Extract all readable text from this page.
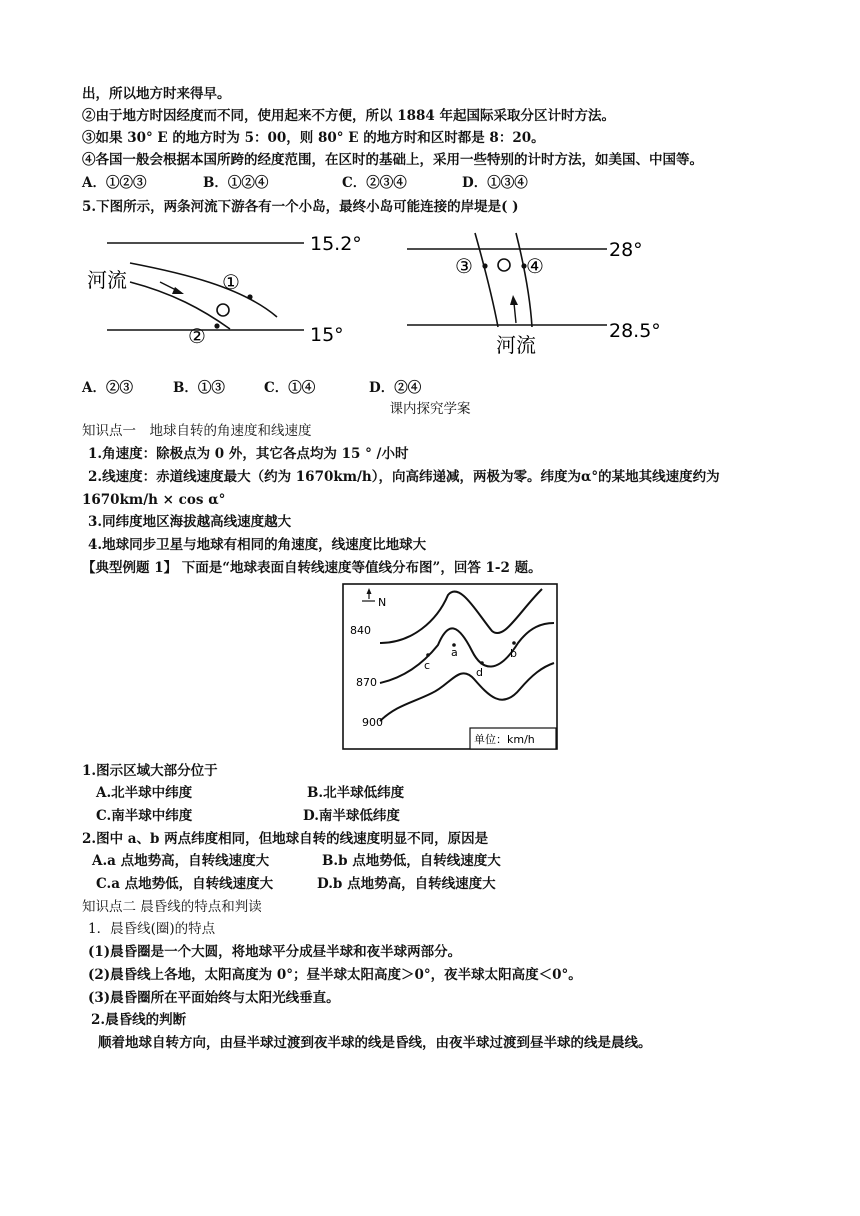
出，所以地方时来得早。
②由于地方时因经度而不同，使用起来不方便，所以 1884 年起国际采取分区计时方法。
③如果 30° E 的地方时为 5：00，则 80° E 的地方时和区时都是 8：20。
④各国一般会根据本国所跨的经度范围，在区时的基础上，采用一些特别的计时方法，如美国、中国等。
A．①②③	B．①②④	C．②③④	D．①③④
5.下图所示，两条河流下游各有一个小岛，最终小岛可能连接的岸堤是( )
15.2°
15°
河流	①
②
28°
28.5°
③	④
河流
A．②③	B．①③	C．①④	D．②④
课内探究学案
知识点一　地球自转的角速度和线速度
1.角速度：除极点为 0 外，其它各点均为 15 ° /小时
2.线速度：赤道线速度最大（约为 1670km/h），向高纬递减，两极为零。纬度为α°的某地其线速度约为
1670km/h × cos α°
3.同纬度地区海拔越高线速度越大
4.地球同步卫星与地球有相同的角速度，线速度比地球大
【典型例题 1】 下面是“地球表面自转线速度等值线分布图”，回答 1-2 题。
N
840
870
900
a	b
c
d
单位：km/h
1.图示区域大部分位于
A.北半球中纬度	B.北半球低纬度
C.南半球中纬度	D.南半球低纬度
2.图中 a、b 两点纬度相同，但地球自转的线速度明显不同，原因是
A.a 点地势高，自转线速度大	B.b 点地势低，自转线速度大
C.a 点地势低，自转线速度大	D.b 点地势高，自转线速度大
知识点二 晨昏线的特点和判读
1．晨昏线(圈)的特点
(1)晨昏圈是一个大圆，将地球平分成昼半球和夜半球两部分。
(2)晨昏线上各地，太阳高度为 0°；昼半球太阳高度＞0°，夜半球太阳高度＜0°。
(3)晨昏圈所在平面始终与太阳光线垂直。
2.晨昏线的判断
顺着地球自转方向，由昼半球过渡到夜半球的线是昏线，由夜半球过渡到昼半球的线是晨线。
